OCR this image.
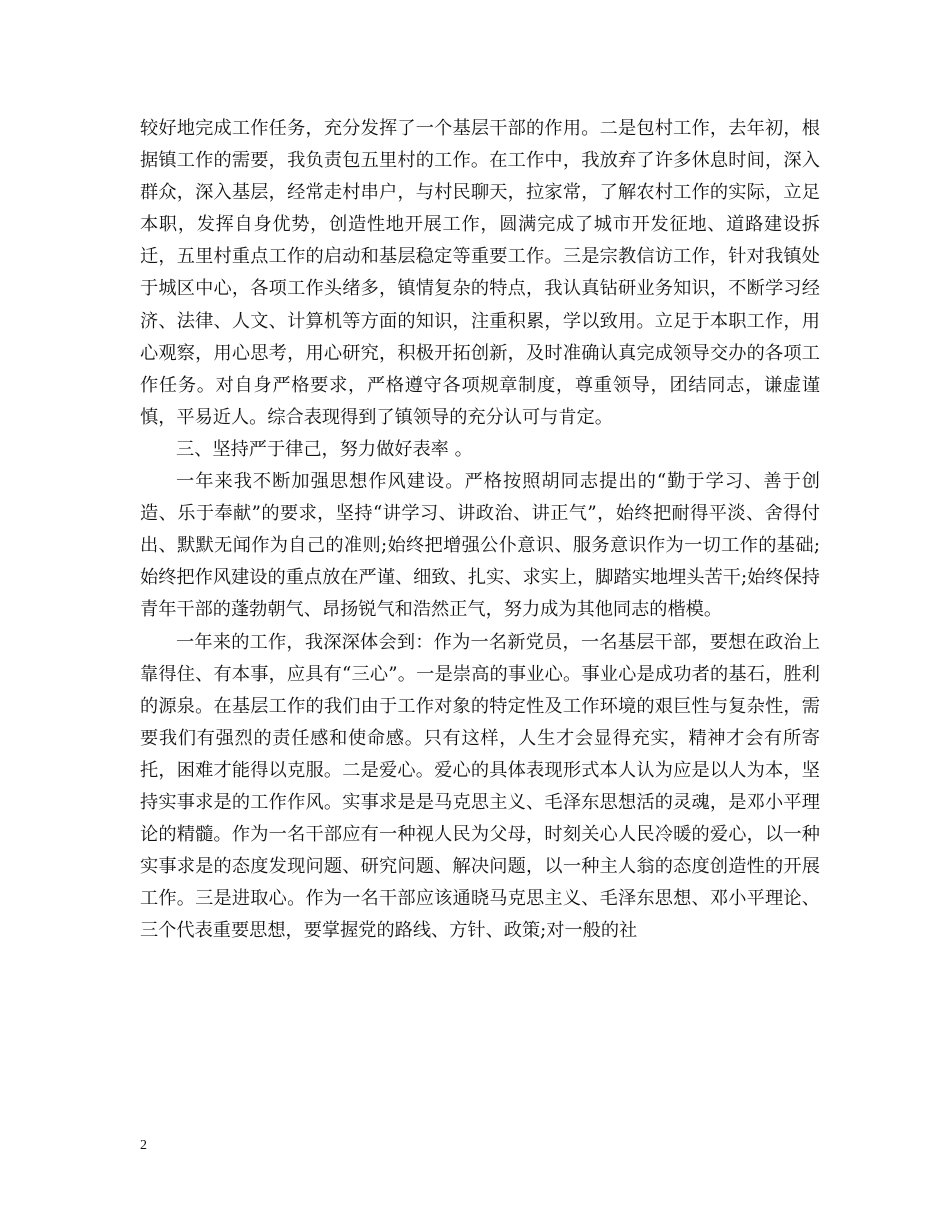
较好地完成工作任务，充分发挥了一个基层干部的作用。二是包村工作，去年初，根据镇工作的需要，我负责包五里村的工作。在工作中，我放弃了许多休息时间，深入群众，深入基层，经常走村串户，与村民聊天，拉家常，了解农村工作的实际，立足本职，发挥自身优势，创造性地开展工作，圆满完成了城市开发征地、道路建设拆迁，五里村重点工作的启动和基层稳定等重要工作。三是宗教信访工作，针对我镇处于城区中心，各项工作头绪多，镇情复杂的特点，我认真钻研业务知识，不断学习经济、法律、人文、计算机等方面的知识，注重积累，学以致用。立足于本职工作，用心观察，用心思考，用心研究，积极开拓创新，及时准确认真完成领导交办的各项工作任务。对自身严格要求，严格遵守各项规章制度，尊重领导，团结同志，谦虚谨慎，平易近人。综合表现得到了镇领导的充分认可与肯定。

三、坚持严于律己，努力做好表率 。

一年来我不断加强思想作风建设。严格按照胡同志提出的“勤于学习、善于创造、乐于奉献”的要求，坚持“讲学习、讲政治、讲正气”，始终把耐得平淡、舍得付出、默默无闻作为自己的准则;始终把增强公仆意识、服务意识作为一切工作的基础;始终把作风建设的重点放在严谨、细致、扎实、求实上，脚踏实地埋头苦干;始终保持青年干部的蓬勃朝气、昂扬锐气和浩然正气，努力成为其他同志的楷模。

一年来的工作，我深深体会到：作为一名新党员，一名基层干部，要想在政治上靠得住、有本事，应具有“三心”。一是崇高的事业心。事业心是成功者的基石，胜利的源泉。在基层工作的我们由于工作对象的特定性及工作环境的艰巨性与复杂性，需要我们有强烈的责任感和使命感。只有这样，人生才会显得充实，精神才会有所寄托，困难才能得以克服。二是爱心。爱心的具体表现形式本人认为应是以人为本，坚持实事求是的工作作风。实事求是是马克思主义、毛泽东思想活的灵魂，是邓小平理论的精髓。作为一名干部应有一种视人民为父母，时刻关心人民冷暖的爱心，以一种实事求是的态度发现问题、研究问题、解决问题，以一种主人翁的态度创造性的开展工作。三是进取心。作为一名干部应该通晓马克思主义、毛泽东思想、邓小平理论、三个代表重要思想，要掌握党的路线、方针、政策;对一般的社

2
